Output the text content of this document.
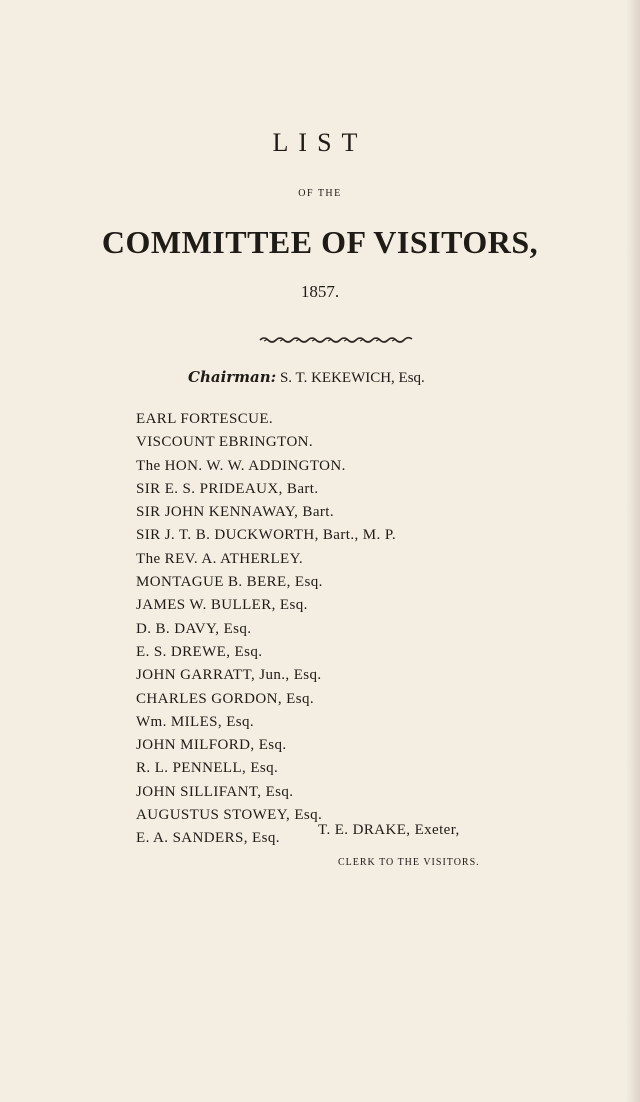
LIST
OF THE
COMMITTEE OF VISITORS,
1857.
Chairman: S. T. KEKEWICH, Esq.
EARL FORTESCUE.
VISCOUNT EBRINGTON.
The HON. W. W. ADDINGTON.
SIR E. S. PRIDEAUX, Bart.
SIR JOHN KENNAWAY, Bart.
SIR J. T. B. DUCKWORTH, Bart., M. P.
The REV. A. ATHERLEY.
MONTAGUE B. BERE, Esq.
JAMES W. BULLER, Esq.
D. B. DAVY, Esq.
E. S. DREWE, Esq.
JOHN GARRATT, Jun., Esq.
CHARLES GORDON, Esq.
Wm. MILES, Esq.
JOHN MILFORD, Esq.
R. L. PENNELL, Esq.
JOHN SILLIFANT, Esq.
AUGUSTUS STOWEY, Esq.
E. A. SANDERS, Esq.
T. E. DRAKE, Exeter,
CLERK TO THE VISITORS.
